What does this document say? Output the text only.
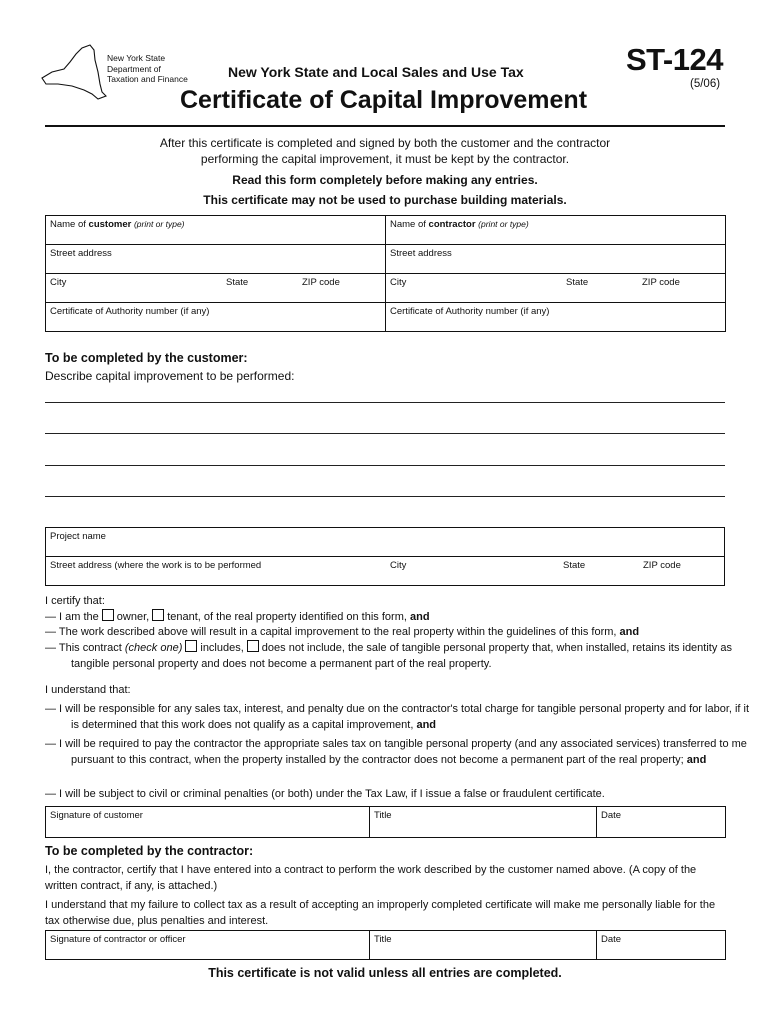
New York State
Department of
Taxation and Finance	New York State and Local Sales and Use Tax	ST-124
(5/06)
Certificate of Capital Improvement
After this certificate is completed and signed by both the customer and the contractor
performing the capital improvement, it must be kept by the contractor.
Read this form completely before making any entries.
This certificate may not be used to purchase building materials.
Name of customer (print or type)	Name of contractor (print or type)
Street address	Street address

City State ZIP code	City State ZIP code

Certificate of Authority number (if any)	Certificate of Authority number (if any)
To be completed by the customer:
Describe capital improvement to be performed:
Project name

Street address (where the work is to be performed	City	State	ZIP code
I certify that:
— I am the owner, tenant, of the real property identified on this form, and
— The work described above will result in a capital improvement to the real property within the guidelines of this form, and
— This contract (check one) includes, does not include, the sale of tangible personal property that, when installed, retains its identity as tangible personal property and does not become a permanent part of the real property.
I understand that:
— I will be responsible for any sales tax, interest, and penalty due on the contractor's total charge for tangible personal property and for labor, if it is determined that this work does not qualify as a capital improvement, and
— I will be required to pay the contractor the appropriate sales tax on tangible personal property (and any associated services) transferred to me pursuant to this contract, when the property installed by the contractor does not become a permanent part of the real property; and
— I will be subject to civil or criminal penalties (or both) under the Tax Law, if I issue a false or fraudulent certificate.
Signature of customer	Title	Date
To be completed by the contractor:
I, the contractor, certify that I have entered into a contract to perform the work described by the customer named above. (A copy of the written contract, if any, is attached.)
I understand that my failure to collect tax as a result of accepting an improperly completed certificate will make me personally liable for the tax otherwise due, plus penalties and interest.
Signature of contractor or officer	Title	Date
This certificate is not valid unless all entries are completed.
